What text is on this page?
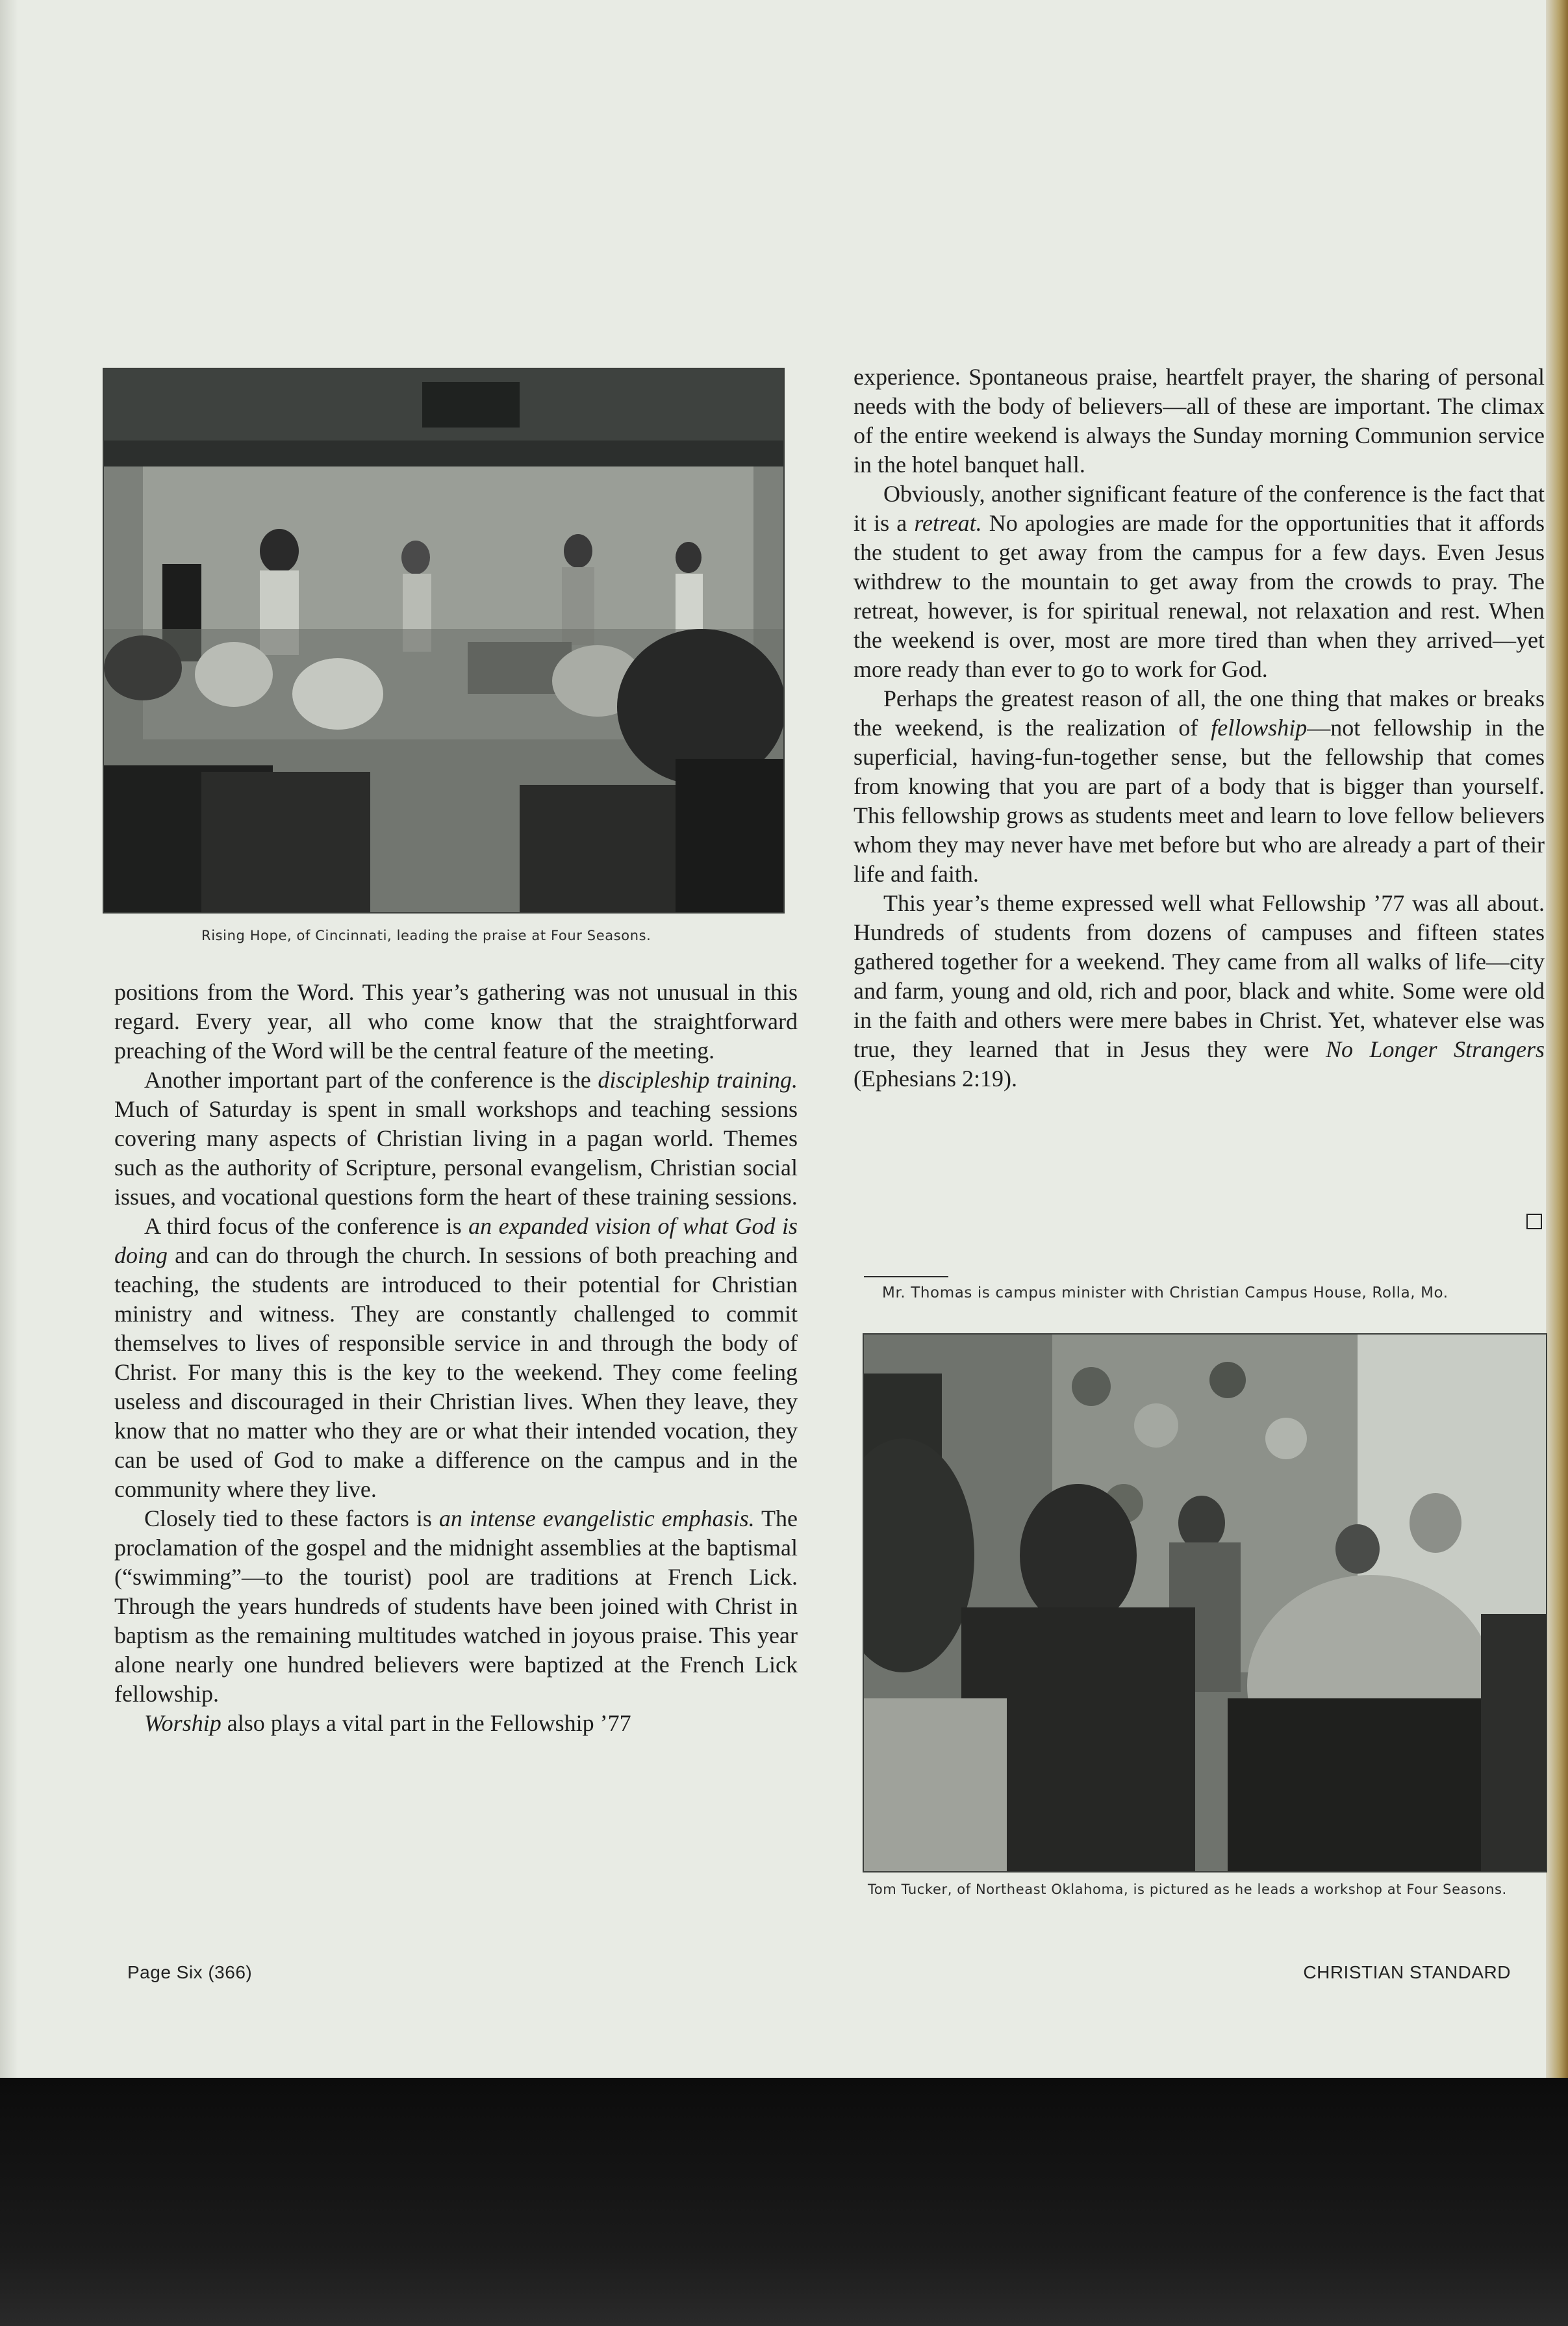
Rising Hope, of Cincinnati, leading the praise at Four Seasons.

positions from the Word. This year’s gathering was not unusual in this regard. Every year, all who come know that the straightforward preaching of the Word will be the central feature of the meeting.

Another important part of the conference is the discipleship training. Much of Saturday is spent in small workshops and teaching sessions covering many aspects of Christian living in a pagan world. Themes such as the authority of Scripture, personal evangelism, Christian social issues, and vocational questions form the heart of these training sessions.

A third focus of the conference is an expanded vision of what God is doing and can do through the church. In sessions of both preaching and teaching, the students are introduced to their potential for Christian ministry and witness. They are constantly challenged to commit themselves to lives of responsible service in and through the body of Christ. For many this is the key to the weekend. They come feeling useless and discouraged in their Christian lives. When they leave, they know that no matter who they are or what their intended vocation, they can be used of God to make a difference on the campus and in the community where they live.

Closely tied to these factors is an intense evangelistic emphasis. The proclamation of the gospel and the midnight assemblies at the baptismal (“swimming”—to the tourist) pool are traditions at French Lick. Through the years hundreds of students have been joined with Christ in baptism as the remaining multitudes watched in joyous praise. This year alone nearly one hundred believers were baptized at the French Lick fellowship.

Worship also plays a vital part in the Fellowship ’77

experience. Spontaneous praise, heartfelt prayer, the sharing of personal needs with the body of believers—all of these are important. The climax of the entire weekend is always the Sunday morning Communion service in the hotel banquet hall.

Obviously, another significant feature of the conference is the fact that it is a retreat. No apologies are made for the opportunities that it affords the student to get away from the campus for a few days. Even Jesus withdrew to the mountain to get away from the crowds to pray. The retreat, however, is for spiritual renewal, not relaxation and rest. When the weekend is over, most are more tired than when they arrived—yet more ready than ever to go to work for God.

Perhaps the greatest reason of all, the one thing that makes or breaks the weekend, is the realization of fellowship—not fellowship in the superficial, having-fun-together sense, but the fellowship that comes from knowing that you are part of a body that is bigger than yourself. This fellowship grows as students meet and learn to love fellow believers whom they may never have met before but who are already a part of their life and faith.

This year’s theme expressed well what Fellowship ’77 was all about. Hundreds of students from dozens of campuses and fifteen states gathered together for a weekend. They came from all walks of life—city and farm, young and old, rich and poor, black and white. Some were old in the faith and others were mere babes in Christ. Yet, whatever else was true, they learned that in Jesus they were No Longer Strangers (Ephesians 2:19).

Mr. Thomas is campus minister with Christian Campus House, Rolla, Mo.
Tom Tucker, of Northeast Oklahoma, is pictured as he leads a workshop at Four Seasons.
Page Six (366)	CHRISTIAN STANDARD
